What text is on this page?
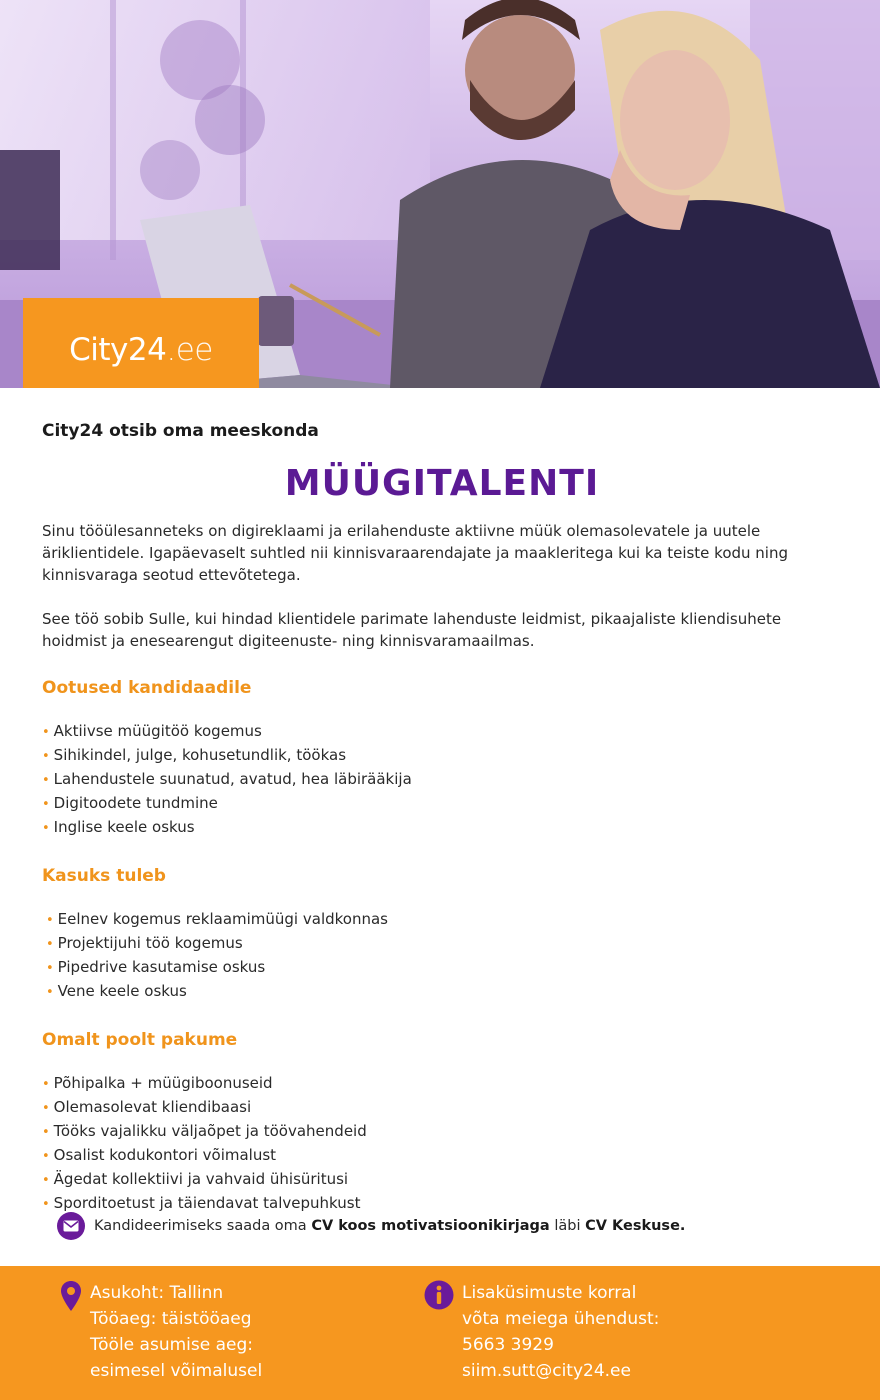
City24.ee
City24 otsib oma meeskonda
MÜÜGITALENTI

Sinu tööülesanneteks on digireklaami ja erilahenduste aktiivne müük olemasolevatele ja uutele äriklientidele. Igapäevaselt suhtled nii kinnisvaraarendajate ja maakleritega kui ka teiste kodu ning kinnisvaraga seotud ettevõtetega.

See töö sobib Sulle, kui hindad klientidele parimate lahenduste leidmist, pikaajaliste kliendisuhete hoidmist ja enesearengut digiteenuste- ning kinnisvaramaailmas.

Ootused kandidaadile
• Aktiivse müügitöö kogemus
• Sihikindel, julge, kohusetundlik, töökas
• Lahendustele suunatud, avatud, hea läbirääkija
• Digitoodete tundmine
• Inglise keele oskus
Kasuks tuleb
• Eelnev kogemus reklaamimüügi valdkonnas
• Projektijuhi töö kogemus
• Pipedrive kasutamise oskus
• Vene keele oskus
Omalt poolt pakume
• Põhipalka + müügiboonuseid
• Olemasolevat kliendibaasi
• Tööks vajalikku väljaõpet ja töövahendeid
• Osalist kodukontori võimalust
• Ägedat kollektiivi ja vahvaid ühisüritusi
• Sporditoetust ja täiendavat talvepuhkust
Kandideerimiseks saada oma CV koos motivatsioonikirjaga läbi CV Keskuse.
Asukoht: Tallinn
Tööaeg: täistööaeg
Tööle asumise aeg:
esimesel võimalusel
Lisaküsimuste korral
võta meiega ühendust:
5663 3929
siim.sutt@city24.ee
